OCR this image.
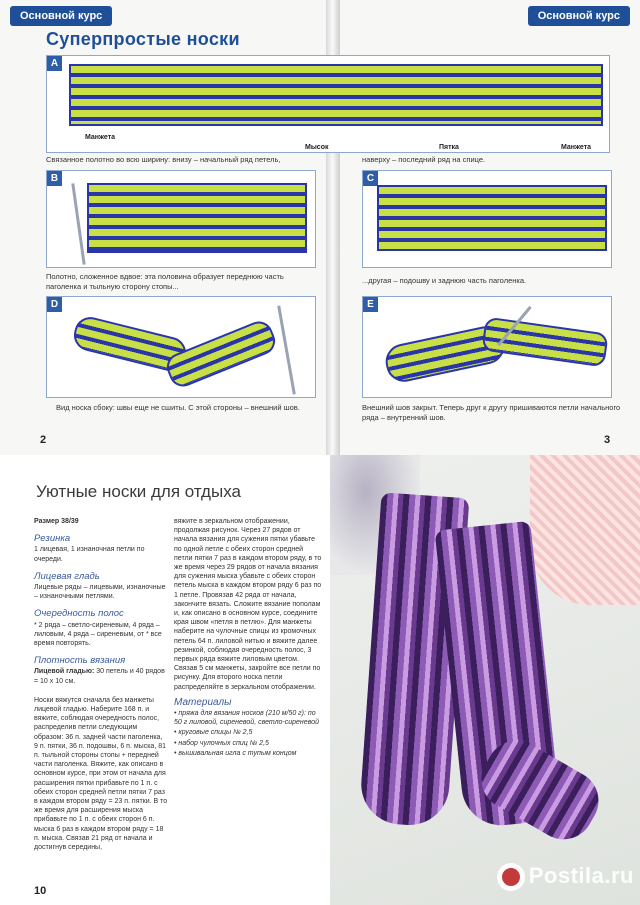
Основной курс	Основной курс
Суперпростые носки
A
Манжета
Мысок	Пятка	Манжета
Связанное полотно во всю ширину: внизу – начальный ряд петель,	наверху – последний ряд на спице.
B
Полотно, сложенное вдвое: эта половина образует переднюю часть паголенка и тыльную сторону стопы...
C
...другая – подошву и заднюю часть паголенка.
D
Вид носка сбоку: швы еще не сшиты. С этой стороны – внешний шов.
E
Внешний шов закрыт. Теперь друг к другу пришиваются петли начального ряда – внутренний шов.
2	3
Уютные носки для отдыха

Размер 38/39

Резинка

1 лицевая, 1 изнаночная петли по очереди.

Лицевая гладь

Лицевые ряды – лицевыми, изнаночные – изнаночными петлями.

Очередность полос

* 2 ряда – светло-сиреневым, 4 ряда – лиловым, 4 ряда – сиреневым, от * все время повторять.

Плотность вязания

Лицевой гладью: 30 петель и 40 рядов = 10 x 10 см.

Носки вяжутся сначала без манжеты лицевой гладью. Наберите 168 п. и вяжите, соблюдая очередность полос, распределив петли следующим образом: 36 п. задней части паголенка, 9 п. пятки, 36 п. подошвы, 6 п. мыска, 81 п. тыльной стороны стопы + передней части паголенка. Вяжите, как описано в основном курсе, при этом от начала для расширения пятки прибавьте по 1 п. с обеих сторон средней петли пятки 7 раз в каждом втором ряду = 23 п. пятки. В то же время для расширения мыска прибавьте по 1 п. с обеих сторон 6 п. мыска 6 раз в каждом втором ряду = 18 п. мыска. Связав 21 ряд от начала и достигнув середины,

вяжите в зеркальном отображении, продолжая рисунок. Через 27 рядов от начала вязания для сужения пятки убавьте по одной петле с обеих сторон средней петли пятки 7 раз в каждом втором ряду, в то же время через 29 рядов от начала вязания для сужения мыска убавьте с обеих сторон петель мыска в каждом втором ряду 6 раз по 1 петле. Провязав 42 ряда от начала, закончите вязать. Сложите вязание пополам и, как описано в основном курсе, соедините края швом «петля в петлю». Для манжеты наберите на чулочные спицы из кромочных петель 64 п. лиловой нитью и вяжите далее резинкой, соблюдая очередность полос, 3 первых ряда вяжите лиловым цветом. Связав 5 см манжеты, закройте все петли по рисунку. Для второго носка петли распределяйте в зеркальном отображении.

Материалы

• пряжа для вязания носков (210 м/50 г): по 50 г лиловой, сиреневой, светло-сиреневой

• круговые спицы № 2,5

• набор чулочных спиц № 2,5

• вышивальная игла с тупым концом

10
Postila.ru
